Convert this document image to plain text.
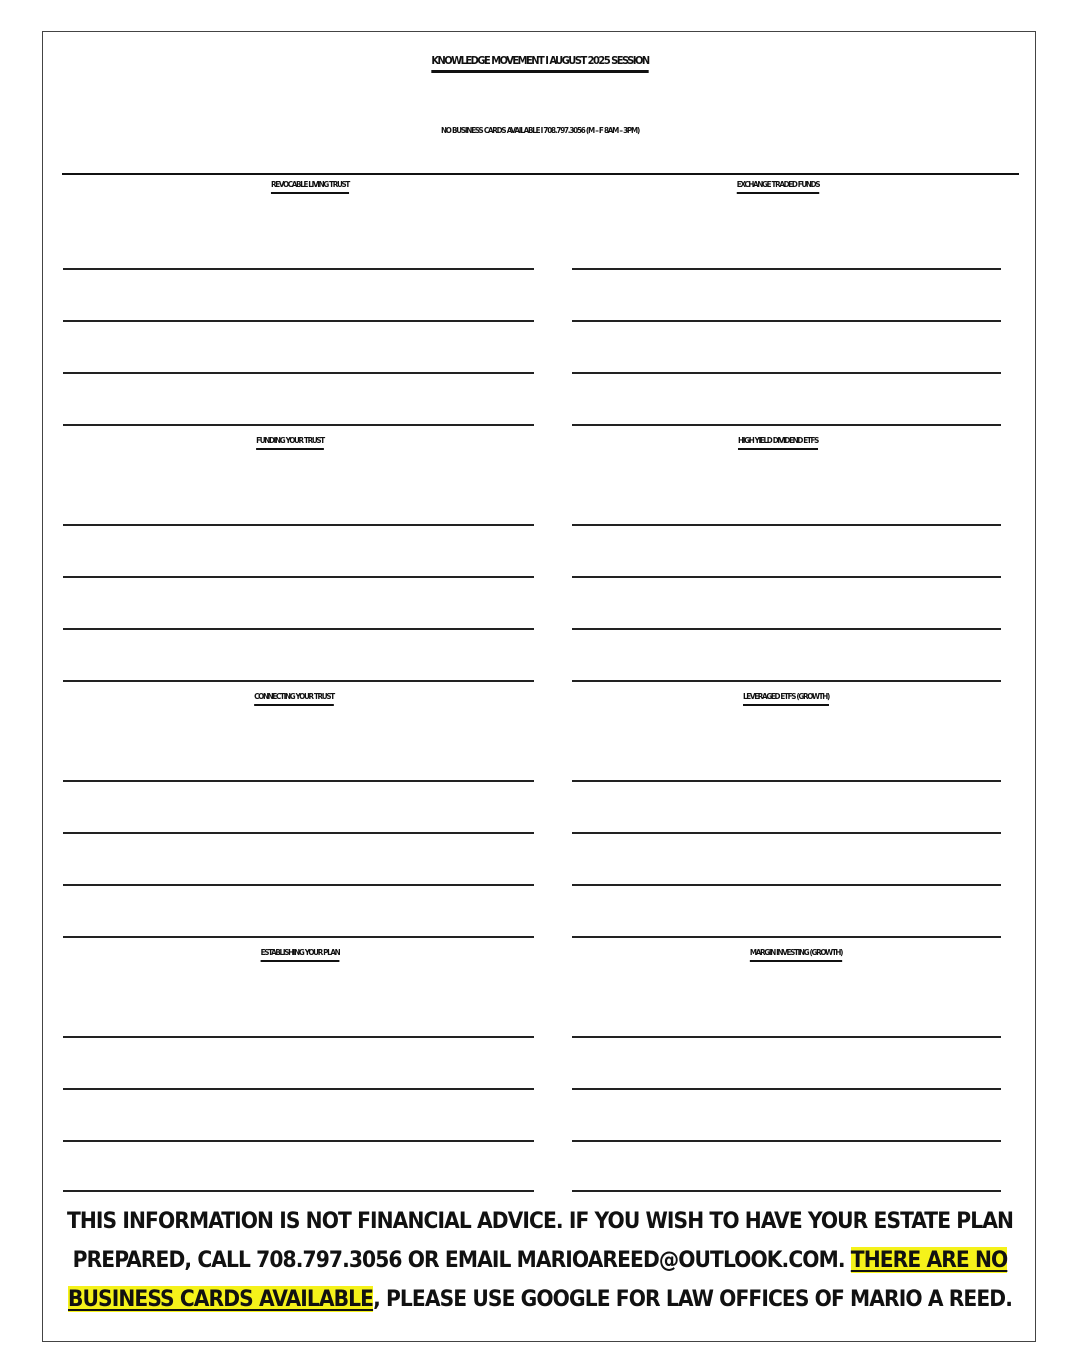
KNOWLEDGE MOVEMENT I AUGUST 2025 SESSION
NO BUSINESS CARDS AVAILABLE I 708.797.3056 (M – F 8AM – 3PM)
REVOCABLE LIVING TRUST	EXCHANGE TRADED FUNDS
FUNDING YOUR TRUST	HIGH YIELD DIVIDEND ETFS
CONNECTING YOUR TRUST	LEVERAGED ETFS (GROWTH)
ESTABLISHING YOUR PLAN	MARGIN INVESTING (GROWTH)
THIS INFORMATION IS NOT FINANCIAL ADVICE. IF YOU WISH TO HAVE YOUR ESTATE PLAN PREPARED, CALL 708.797.3056 OR EMAIL MARIOAREED@OUTLOOK.COM. THERE ARE NO BUSINESS CARDS AVAILABLE, PLEASE USE GOOGLE FOR LAW OFFICES OF MARIO A REED.
